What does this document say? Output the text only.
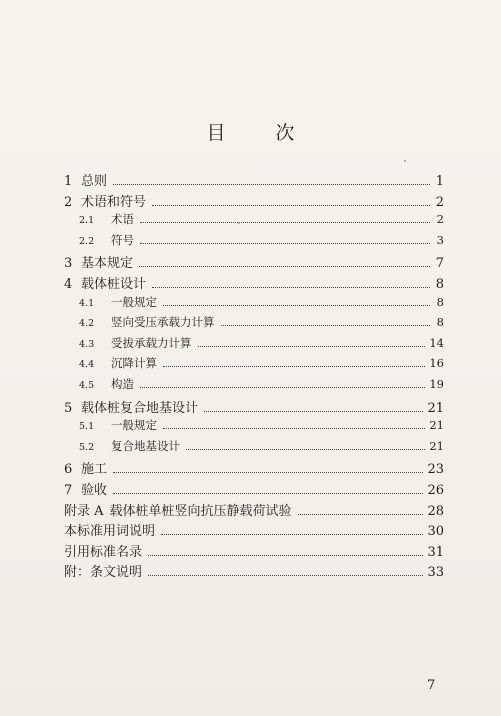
目 次
1 总则	1
2 术语和符号	2
2.1	术语	2
2.2	符号	3
3 基本规定	7
4 载体桩设计	8
4.1	一般规定	8
4.2	竖向受压承载力计算	8
4.3	受拔承载力计算	14
4.4	沉降计算	16
4.5	构造	19
5 载体桩复合地基设计	21
5.1	一般规定	21
5.2	复合地基设计	21
6 施工	23
7 验收	26
附录 A 载体桩单桩竖向抗压静载荷试验	28
本标准用词说明	30
引用标准名录	31
附：条文说明	33
7
